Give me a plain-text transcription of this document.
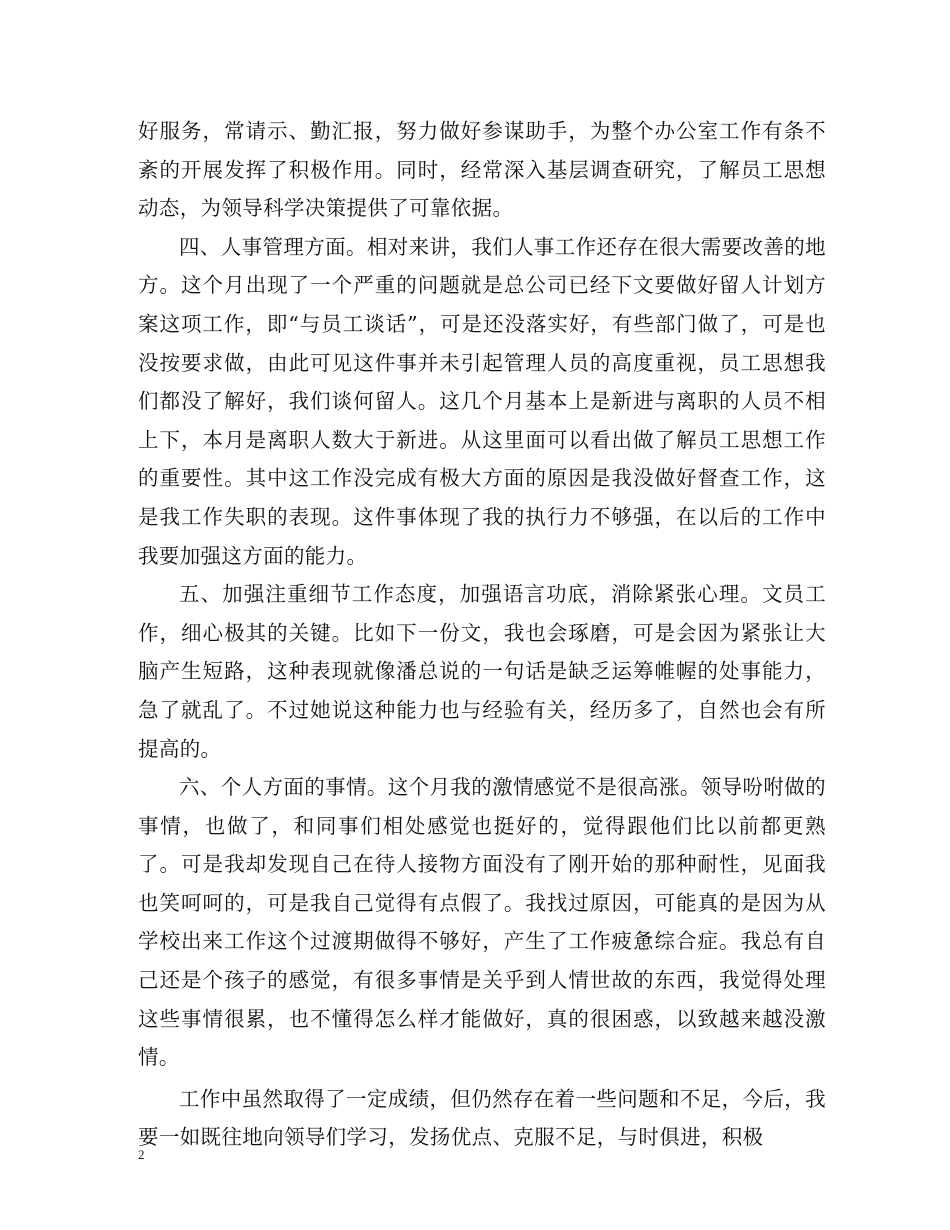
好服务，常请示、勤汇报，努力做好参谋助手，为整个办公室工作有条不紊的开展发挥了积极作用。同时，经常深入基层调查研究，了解员工思想动态，为领导科学决策提供了可靠依据。

四、人事管理方面。相对来讲，我们人事工作还存在很大需要改善的地方。这个月出现了一个严重的问题就是总公司已经下文要做好留人计划方案这项工作，即“与员工谈话”，可是还没落实好，有些部门做了，可是也没按要求做，由此可见这件事并未引起管理人员的高度重视，员工思想我们都没了解好，我们谈何留人。这几个月基本上是新进与离职的人员不相上下，本月是离职人数大于新进。从这里面可以看出做了解员工思想工作的重要性。其中这工作没完成有极大方面的原因是我没做好督查工作，这是我工作失职的表现。这件事体现了我的执行力不够强，在以后的工作中我要加强这方面的能力。

五、加强注重细节工作态度，加强语言功底，消除紧张心理。文员工作，细心极其的关键。比如下一份文，我也会琢磨，可是会因为紧张让大脑产生短路，这种表现就像潘总说的一句话是缺乏运筹帷幄的处事能力，急了就乱了。不过她说这种能力也与经验有关，经历多了，自然也会有所提高的。

六、个人方面的事情。这个月我的激情感觉不是很高涨。领导吩咐做的事情，也做了，和同事们相处感觉也挺好的，觉得跟他们比以前都更熟了。可是我却发现自己在待人接物方面没有了刚开始的那种耐性，见面我也笑呵呵的，可是我自己觉得有点假了。我找过原因，可能真的是因为从学校出来工作这个过渡期做得不够好，产生了工作疲惫综合症。我总有自己还是个孩子的感觉，有很多事情是关乎到人情世故的东西，我觉得处理这些事情很累，也不懂得怎么样才能做好，真的很困惑，以致越来越没激情。

工作中虽然取得了一定成绩，但仍然存在着一些问题和不足，今后，我要一如既往地向领导们学习，发扬优点、克服不足，与时俱进，积极

2
